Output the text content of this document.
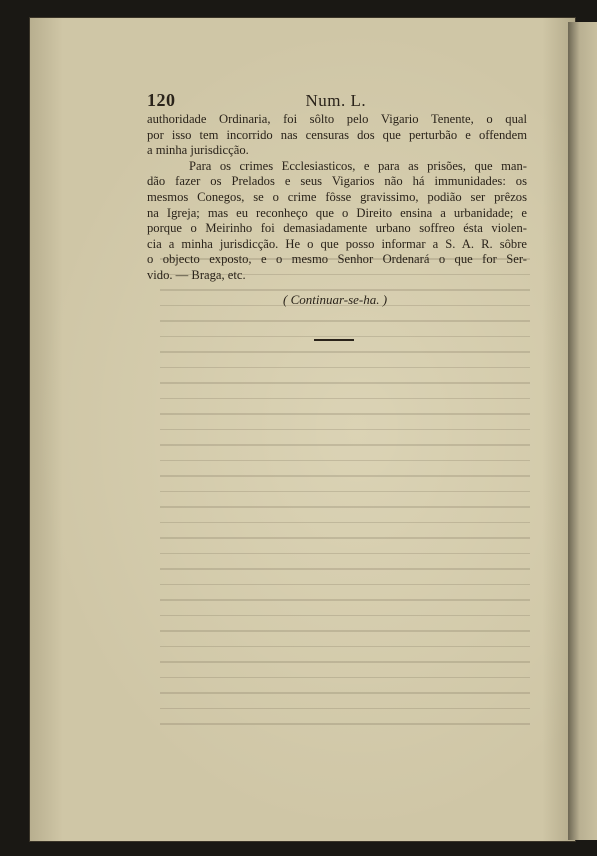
120	Num. L.

authoridade Ordinaria, foi sôlto pelo Vigario Tenente, o qual
por isso tem incorrido nas censuras dos que perturbão e offendem
a minha jurisdicção.

Para os crimes Ecclesiasticos, e para as prisões, que man-
dão fazer os Prelados e seus Vigarios não há immunidades: os
mesmos Conegos, se o crime fôsse gravissimo, podião ser prêzos
na Igreja; mas eu reconheço que o Direito ensina a urbanidade; e
porque o Meirinho foi demasiadamente urbano soffreo ésta violen-
cia a minha jurisdicção. He o que posso informar a S. A. R. sôbre
o objecto exposto, e o mesmo Senhor Ordenará o que for Ser-
vido. — Braga, etc.

( Continuar-se-ha. )
